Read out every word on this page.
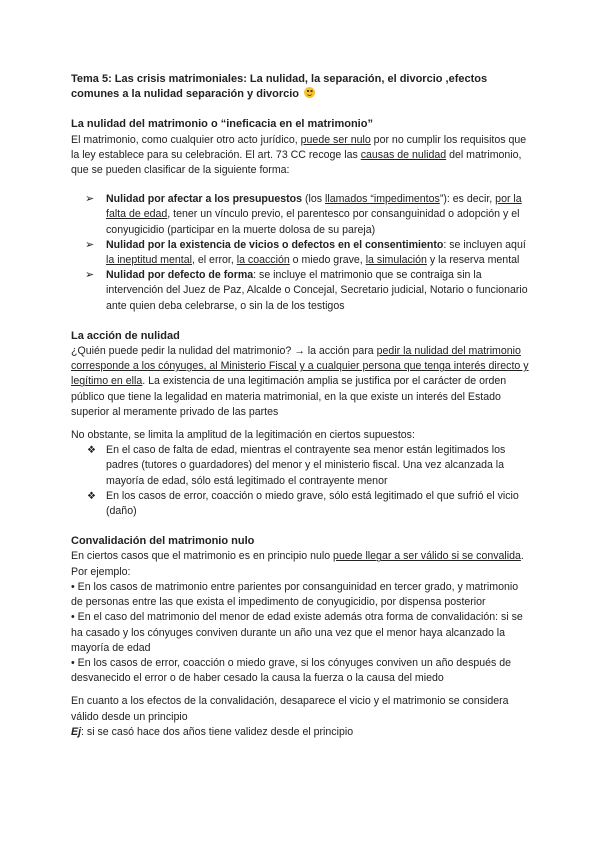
Tema 5: Las crisis matrimoniales: La nulidad, la separación, el divorcio ,efectos comunes a la nulidad separación y divorcio

La nulidad del matrimonio o “ineficacia en el matrimonio”

El matrimonio, como cualquier otro acto jurídico, puede ser nulo por no cumplir los requisitos que la ley establece para su celebración. El art. 73 CC recoge las causas de nulidad del matrimonio, que se pueden clasificar de la siguiente forma:

➢ Nulidad por afectar a los presupuestos (los llamados “impedimentos”): es decir, por la falta de edad, tener un vínculo previo, el parentesco por consanguinidad o adopción y el conyugicidio (participar en la muerte dolosa de su pareja)
➢ Nulidad por la existencia de vicios o defectos en el consentimiento: se incluyen aquí la ineptitud mental, el error, la coacción o miedo grave, la simulación y la reserva mental
➢ Nulidad por defecto de forma: se incluye el matrimonio que se contraiga sin la intervención del Juez de Paz, Alcalde o Concejal, Secretario judicial, Notario o funcionario ante quien deba celebrarse, o sin la de los testigos

La acción de nulidad

¿Quién puede pedir la nulidad del matrimonio? → la acción para pedir la nulidad del matrimonio corresponde a los cónyuges, al Ministerio Fiscal y a cualquier persona que tenga interés directo y legítimo en ella. La existencia de una legitimación amplia se justifica por el carácter de orden público que tiene la legalidad en materia matrimonial, en la que existe un interés del Estado superior al meramente privado de las partes

No obstante, se limita la amplitud de la legitimación en ciertos supuestos:

❖ En el caso de falta de edad, mientras el contrayente sea menor están legitimados los padres (tutores o guardadores) del menor y el ministerio fiscal. Una vez alcanzada la mayoría de edad, sólo está legitimado el contrayente menor
❖ En los casos de error, coacción o miedo grave, sólo está legitimado el que sufrió el vicio (daño)

Convalidación del matrimonio nulo

En ciertos casos que el matrimonio es en principio nulo puede llegar a ser válido si se convalida. Por ejemplo:

• En los casos de matrimonio entre parientes por consanguinidad en tercer grado, y matrimonio de personas entre las que exista el impedimento de conyugicidio, por dispensa posterior

• En el caso del matrimonio del menor de edad existe además otra forma de convalidación: si se ha casado y los cónyuges conviven durante un año una vez que el menor haya alcanzado la mayoría de edad

• En los casos de error, coacción o miedo grave, si los cónyuges conviven un año después de desvanecido el error o de haber cesado la causa la fuerza o la causa del miedo

En cuanto a los efectos de la convalidación, desaparece el vicio y el matrimonio se considera válido desde un principio

Ej: si se casó hace dos años tiene validez desde el principio
